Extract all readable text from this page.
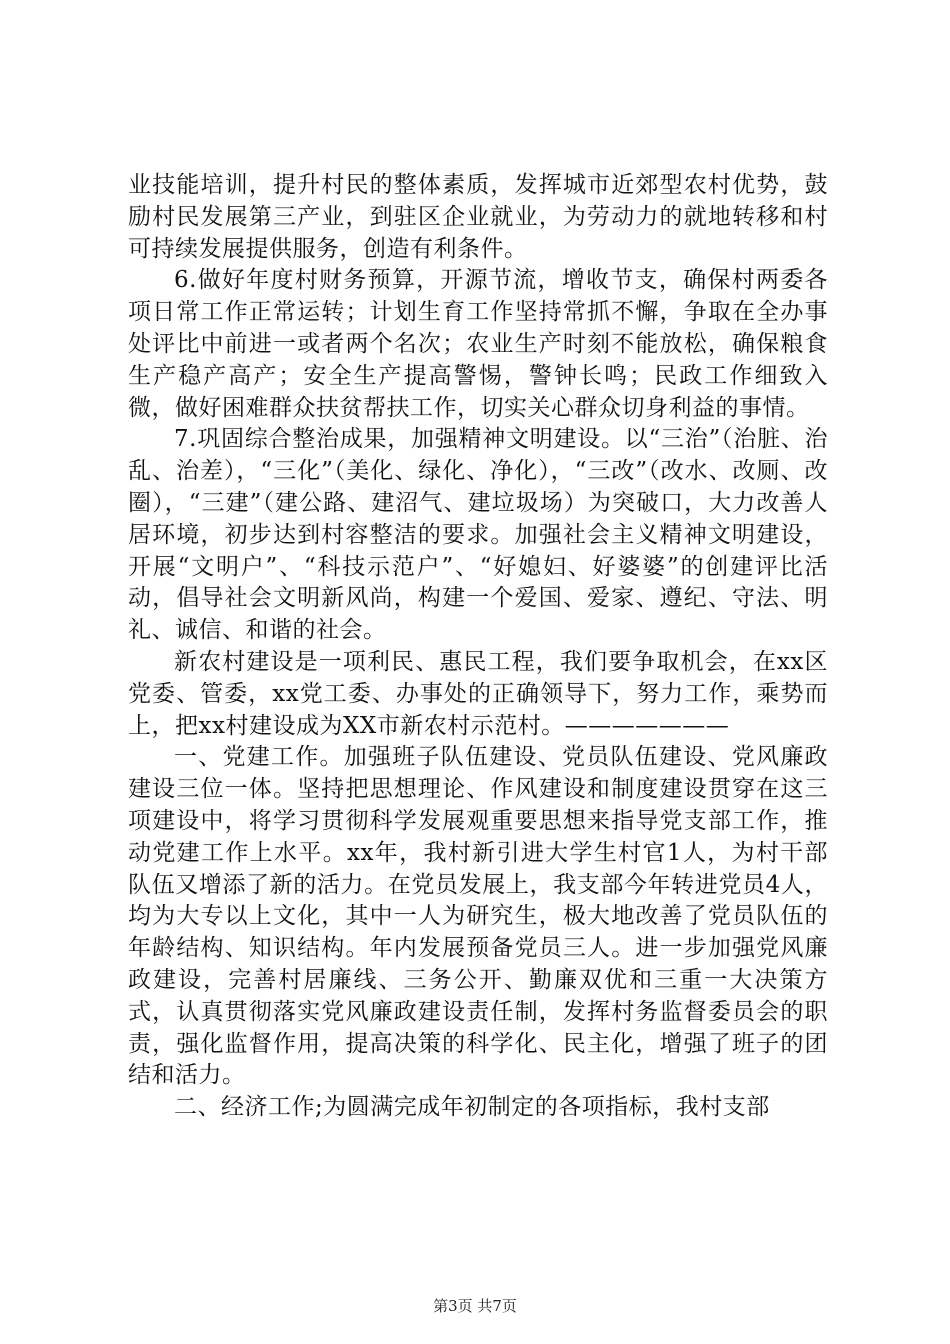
业技能培训，提升村民的整体素质，发挥城市近郊型农村优势，鼓励村民发展第三产业，到驻区企业就业，为劳动力的就地转移和村可持续发展提供服务，创造有利条件。

6.做好年度村财务预算，开源节流，增收节支，确保村两委各项日常工作正常运转；计划生育工作坚持常抓不懈，争取在全办事处评比中前进一或者两个名次；农业生产时刻不能放松，确保粮食生产稳产高产；安全生产提高警惕，警钟长鸣；民政工作细致入微，做好困难群众扶贫帮扶工作，切实关心群众切身利益的事情。

7.巩固综合整治成果，加强精神文明建设。以“三治”（治脏、治乱、治差），“三化”（美化、绿化、净化），“三改”（改水、改厕、改圈），“三建”（建公路、建沼气、建垃圾场）为突破口，大力改善人居环境，初步达到村容整洁的要求。加强社会主义精神文明建设，开展“文明户”、“科技示范户”、“好媳妇、好婆婆”的创建评比活动，倡导社会文明新风尚，构建一个爱国、爱家、遵纪、守法、明礼、诚信、和谐的社会。

新农村建设是一项利民、惠民工程，我们要争取机会，在xx区党委、管委，xx党工委、办事处的正确领导下，努力工作，乘势而上，把xx村建设成为XX市新农村示范村。———————

一、党建工作。加强班子队伍建设、党员队伍建设、党风廉政建设三位一体。坚持把思想理论、作风建设和制度建设贯穿在这三项建设中，将学习贯彻科学发展观重要思想来指导党支部工作，推动党建工作上水平。xx年，我村新引进大学生村官1人，为村干部队伍又增添了新的活力。在党员发展上，我支部今年转进党员4人，均为大专以上文化，其中一人为研究生，极大地改善了党员队伍的年龄结构、知识结构。年内发展预备党员三人。进一步加强党风廉政建设，完善村居廉线、三务公开、勤廉双优和三重一大决策方式，认真贯彻落实党风廉政建设责任制，发挥村务监督委员会的职责，强化监督作用，提高决策的科学化、民主化，增强了班子的团结和活力。

二、经济工作;为圆满完成年初制定的各项指标，我村支部

第3页 共7页
